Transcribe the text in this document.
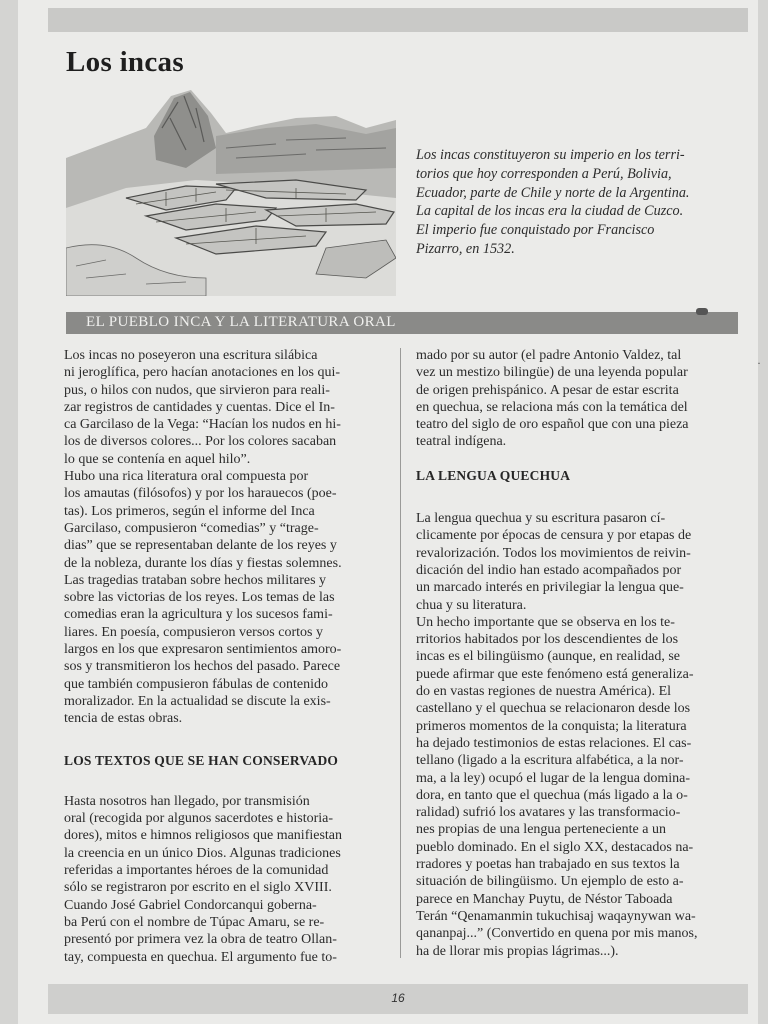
Los incas
Los incas constituyeron su imperio en los terri-
torios que hoy corresponden a Perú, Bolivia,
Ecuador, parte de Chile y norte de la Argentina.
La capital de los incas era la ciudad de Cuzco.
El imperio fue conquistado por Francisco
Pizarro, en 1532.
EL PUEBLO INCA Y LA LITERATURA ORAL

Los incas no poseyeron una escritura silábica
ni jeroglífica, pero hacían anotaciones en los qui-
pus, o hilos con nudos, que sirvieron para reali-
zar registros de cantidades y cuentas. Dice el In-
ca Garcilaso de la Vega: “Hacían los nudos en hi-
los de diversos colores... Por los colores sacaban
lo que se contenía en aquel hilo”.

Hubo una rica literatura oral compuesta por
los amautas (filósofos) y por los harauecos (poe-
tas). Los primeros, según el informe del Inca
Garcilaso, compusieron “comedias” y “trage-
dias” que se representaban delante de los reyes y
de la nobleza, durante los días y fiestas solemnes.
Las tragedias trataban sobre hechos militares y
sobre las victorias de los reyes. Los temas de las
comedias eran la agricultura y los sucesos fami-
liares. En poesía, compusieron versos cortos y
largos en los que expresaron sentimientos amoro-
sos y transmitieron los hechos del pasado. Parece
que también compusieron fábulas de contenido
moralizador. En la actualidad se discute la exis-
tencia de estas obras.

LOS TEXTOS QUE SE HAN CONSERVADO

Hasta nosotros han llegado, por transmisión
oral (recogida por algunos sacerdotes e historia-
dores), mitos e himnos religiosos que manifiestan
la creencia en un único Dios. Algunas tradiciones
referidas a importantes héroes de la comunidad
sólo se registraron por escrito en el siglo XVIII.

Cuando José Gabriel Condorcanqui goberna-
ba Perú con el nombre de Túpac Amaru, se re-
presentó por primera vez la obra de teatro Ollan-
tay, compuesta en quechua. El argumento fue to-

mado por su autor (el padre Antonio Valdez, tal
vez un mestizo bilingüe) de una leyenda popular
de origen prehispánico. A pesar de estar escrita
en quechua, se relaciona más con la temática del
teatro del siglo de oro español que con una pieza
teatral indígena.

LA LENGUA QUECHUA

La lengua quechua y su escritura pasaron cí-
clicamente por épocas de censura y por etapas de
revalorización. Todos los movimientos de reivin-
dicación del indio han estado acompañados por
un marcado interés en privilegiar la lengua que-
chua y su literatura.

Un hecho importante que se observa en los te-
rritorios habitados por los descendientes de los
incas es el bilingüismo (aunque, en realidad, se
puede afirmar que este fenómeno está generaliza-
do en vastas regiones de nuestra América). El
castellano y el quechua se relacionaron desde los
primeros momentos de la conquista; la literatura
ha dejado testimonios de estas relaciones. El cas-
tellano (ligado a la escritura alfabética, a la nor-
ma, a la ley) ocupó el lugar de la lengua domina-
dora, en tanto que el quechua (más ligado a la o-
ralidad) sufrió los avatares y las transformacio-
nes propias de una lengua perteneciente a un
pueblo dominado. En el siglo XX, destacados na-
rradores y poetas han trabajado en sus textos la
situación de bilingüismo. Un ejemplo de esto a-
parece en Manchay Puytu, de Néstor Taboada
Terán “Qenamanmin tukuchisaj waqaynywan wa-
qananpaj...” (Convertido en quena por mis manos,
ha de llorar mis propias lágrimas...).

·
16
